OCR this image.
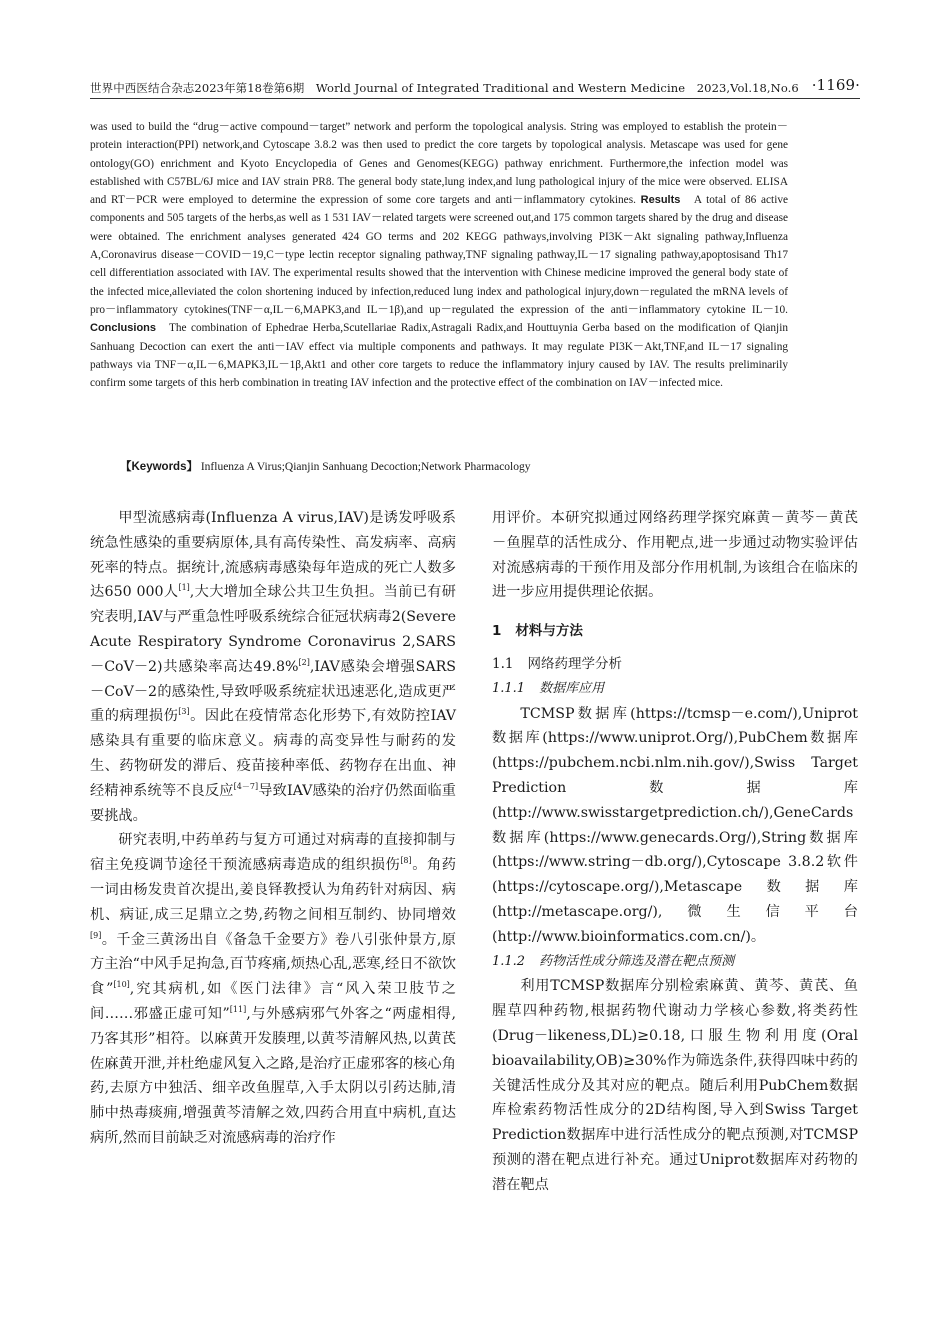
世界中西医结合杂志2023年第18卷第6期　World Journal of Integrated Traditional and Western Medicine　2023,Vol.18,No.6 ·1169·
was used to build the “drug－active compound－target” network and perform the topological analysis. String was employed to establish the protein－protein interaction(PPI) network,and Cytoscape 3.8.2 was then used to predict the core targets by topological analysis. Metascape was used for gene ontology(GO) enrichment and Kyoto Encyclopedia of Genes and Genomes(KEGG) pathway enrichment. Furthermore,the infection model was established with C57BL/6J mice and IAV strain PR8. The general body state,lung index,and lung pathological injury of the mice were observed. ELISA and RT－PCR were employed to determine the expression of some core targets and anti－inflammatory cytokines. Results A total of 86 active components and 505 targets of the herbs,as well as 1 531 IAV－related targets were screened out,and 175 common targets shared by the drug and disease were obtained. The enrichment analyses generated 424 GO terms and 202 KEGG pathways,involving PI3K－Akt signaling pathway,Influenza A,Coronavirus disease－COVID－19,C－type lectin receptor signaling pathway,TNF signaling pathway,IL－17 signaling pathway,apoptosisand Th17 cell differentiation associated with IAV. The experimental results showed that the intervention with Chinese medicine improved the general body state of the infected mice,alleviated the colon shortening induced by infection,reduced lung index and pathological injury,down－regulated the mRNA levels of pro－inflammatory cytokines(TNF－α,IL－6,MAPK3,and IL－1β),and up－regulated the expression of the anti－inflammatory cytokine IL－10. Conclusions The combination of Ephedrae Herba,Scutellariae Radix,Astragali Radix,and Houttuynia Gerba based on the modification of Qianjin Sanhuang Decoction can exert the anti－IAV effect via multiple components and pathways. It may regulate PI3K－Akt,TNF,and IL－17 signaling pathways via TNF－α,IL－6,MAPK3,IL－1β,Akt1 and other core targets to reduce the inflammatory injury caused by IAV. The results preliminarily confirm some targets of this herb combination in treating IAV infection and the protective effect of the combination on IAV－infected mice.
【Keywords】 Influenza A Virus;Qianjin Sanhuang Decoction;Network Pharmacology

甲型流感病毒(Influenza A virus,IAV)是诱发呼吸系统急性感染的重要病原体,具有高传染性、高发病率、高病死率的特点。据统计,流感病毒感染每年造成的死亡人数多达650 000人[1],大大增加全球公共卫生负担。当前已有研究表明,IAV与严重急性呼吸系统综合征冠状病毒2(Severe Acute Respiratory Syndrome Coronavirus 2,SARS－CoV－2)共感染率高达49.8%[2],IAV感染会增强SARS－CoV－2的感染性,导致呼吸系统症状迅速恶化,造成更严重的病理损伤[3]。因此在疫情常态化形势下,有效防控IAV感染具有重要的临床意义。病毒的高变异性与耐药的发生、药物研发的滞后、疫苗接种率低、药物存在出血、神经精神系统等不良反应[4－7]导致IAV感染的治疗仍然面临重要挑战。

研究表明,中药单药与复方可通过对病毒的直接抑制与宿主免疫调节途径干预流感病毒造成的组织损伤[8]。角药一词由杨发贵首次提出,姜良铎教授认为角药针对病因、病机、病证,成三足鼎立之势,药物之间相互制约、协同增效[9]。千金三黄汤出自《备急千金要方》卷八引张仲景方,原方主治“中风手足拘急,百节疼痛,烦热心乱,恶寒,经日不欲饮食”[10],究其病机,如《医门法律》言“风入荣卫肢节之间……邪盛正虚可知”[11],与外感病邪气外客之“两虚相得,乃客其形”相符。以麻黄开发腠理,以黄芩清解风热,以黄芪佐麻黄开泄,并杜绝虚风复入之路,是治疗正虚邪客的核心角药,去原方中独活、细辛改鱼腥草,入手太阴以引药达肺,清肺中热毒痰痈,增强黄芩清解之效,四药合用直中病机,直达病所,然而目前缺乏对流感病毒的治疗作

用评价。本研究拟通过网络药理学探究麻黄－黄芩－黄芪－鱼腥草的活性成分、作用靶点,进一步通过动物实验评估对流感病毒的干预作用及部分作用机制,为该组合在临床的进一步应用提供理论依据。

1 材料与方法
1.1 网络药理学分析
1.1.1 数据库应用

TCMSP数据库(https://tcmsp－e.com/),Uniprot数据库(https://www.uniprot.Org/),PubChem数据库(https://pubchem.ncbi.nlm.nih.gov/),Swiss Target Prediction数据库(http://www.swisstargetprediction.ch/),GeneCards数据库(https://www.genecards.Org/),String数据库(https://www.string－db.org/),Cytoscape 3.8.2软件(https://cytoscape.org/),Metascape数据库(http://metascape.org/),微生信平台(http://www.bioinformatics.com.cn/)。

1.1.2 药物活性成分筛选及潜在靶点预测

利用TCMSP数据库分别检索麻黄、黄芩、黄芪、鱼腥草四种药物,根据药物代谢动力学核心参数,将类药性(Drug－likeness,DL)≥0.18,口服生物利用度(Oral bioavailability,OB)≥30%作为筛选条件,获得四味中药的关键活性成分及其对应的靶点。随后利用PubChem数据库检索药物活性成分的2D结构图,导入到Swiss Target Prediction数据库中进行活性成分的靶点预测,对TCMSP预测的潜在靶点进行补充。通过Uniprot数据库对药物的潜在靶点
